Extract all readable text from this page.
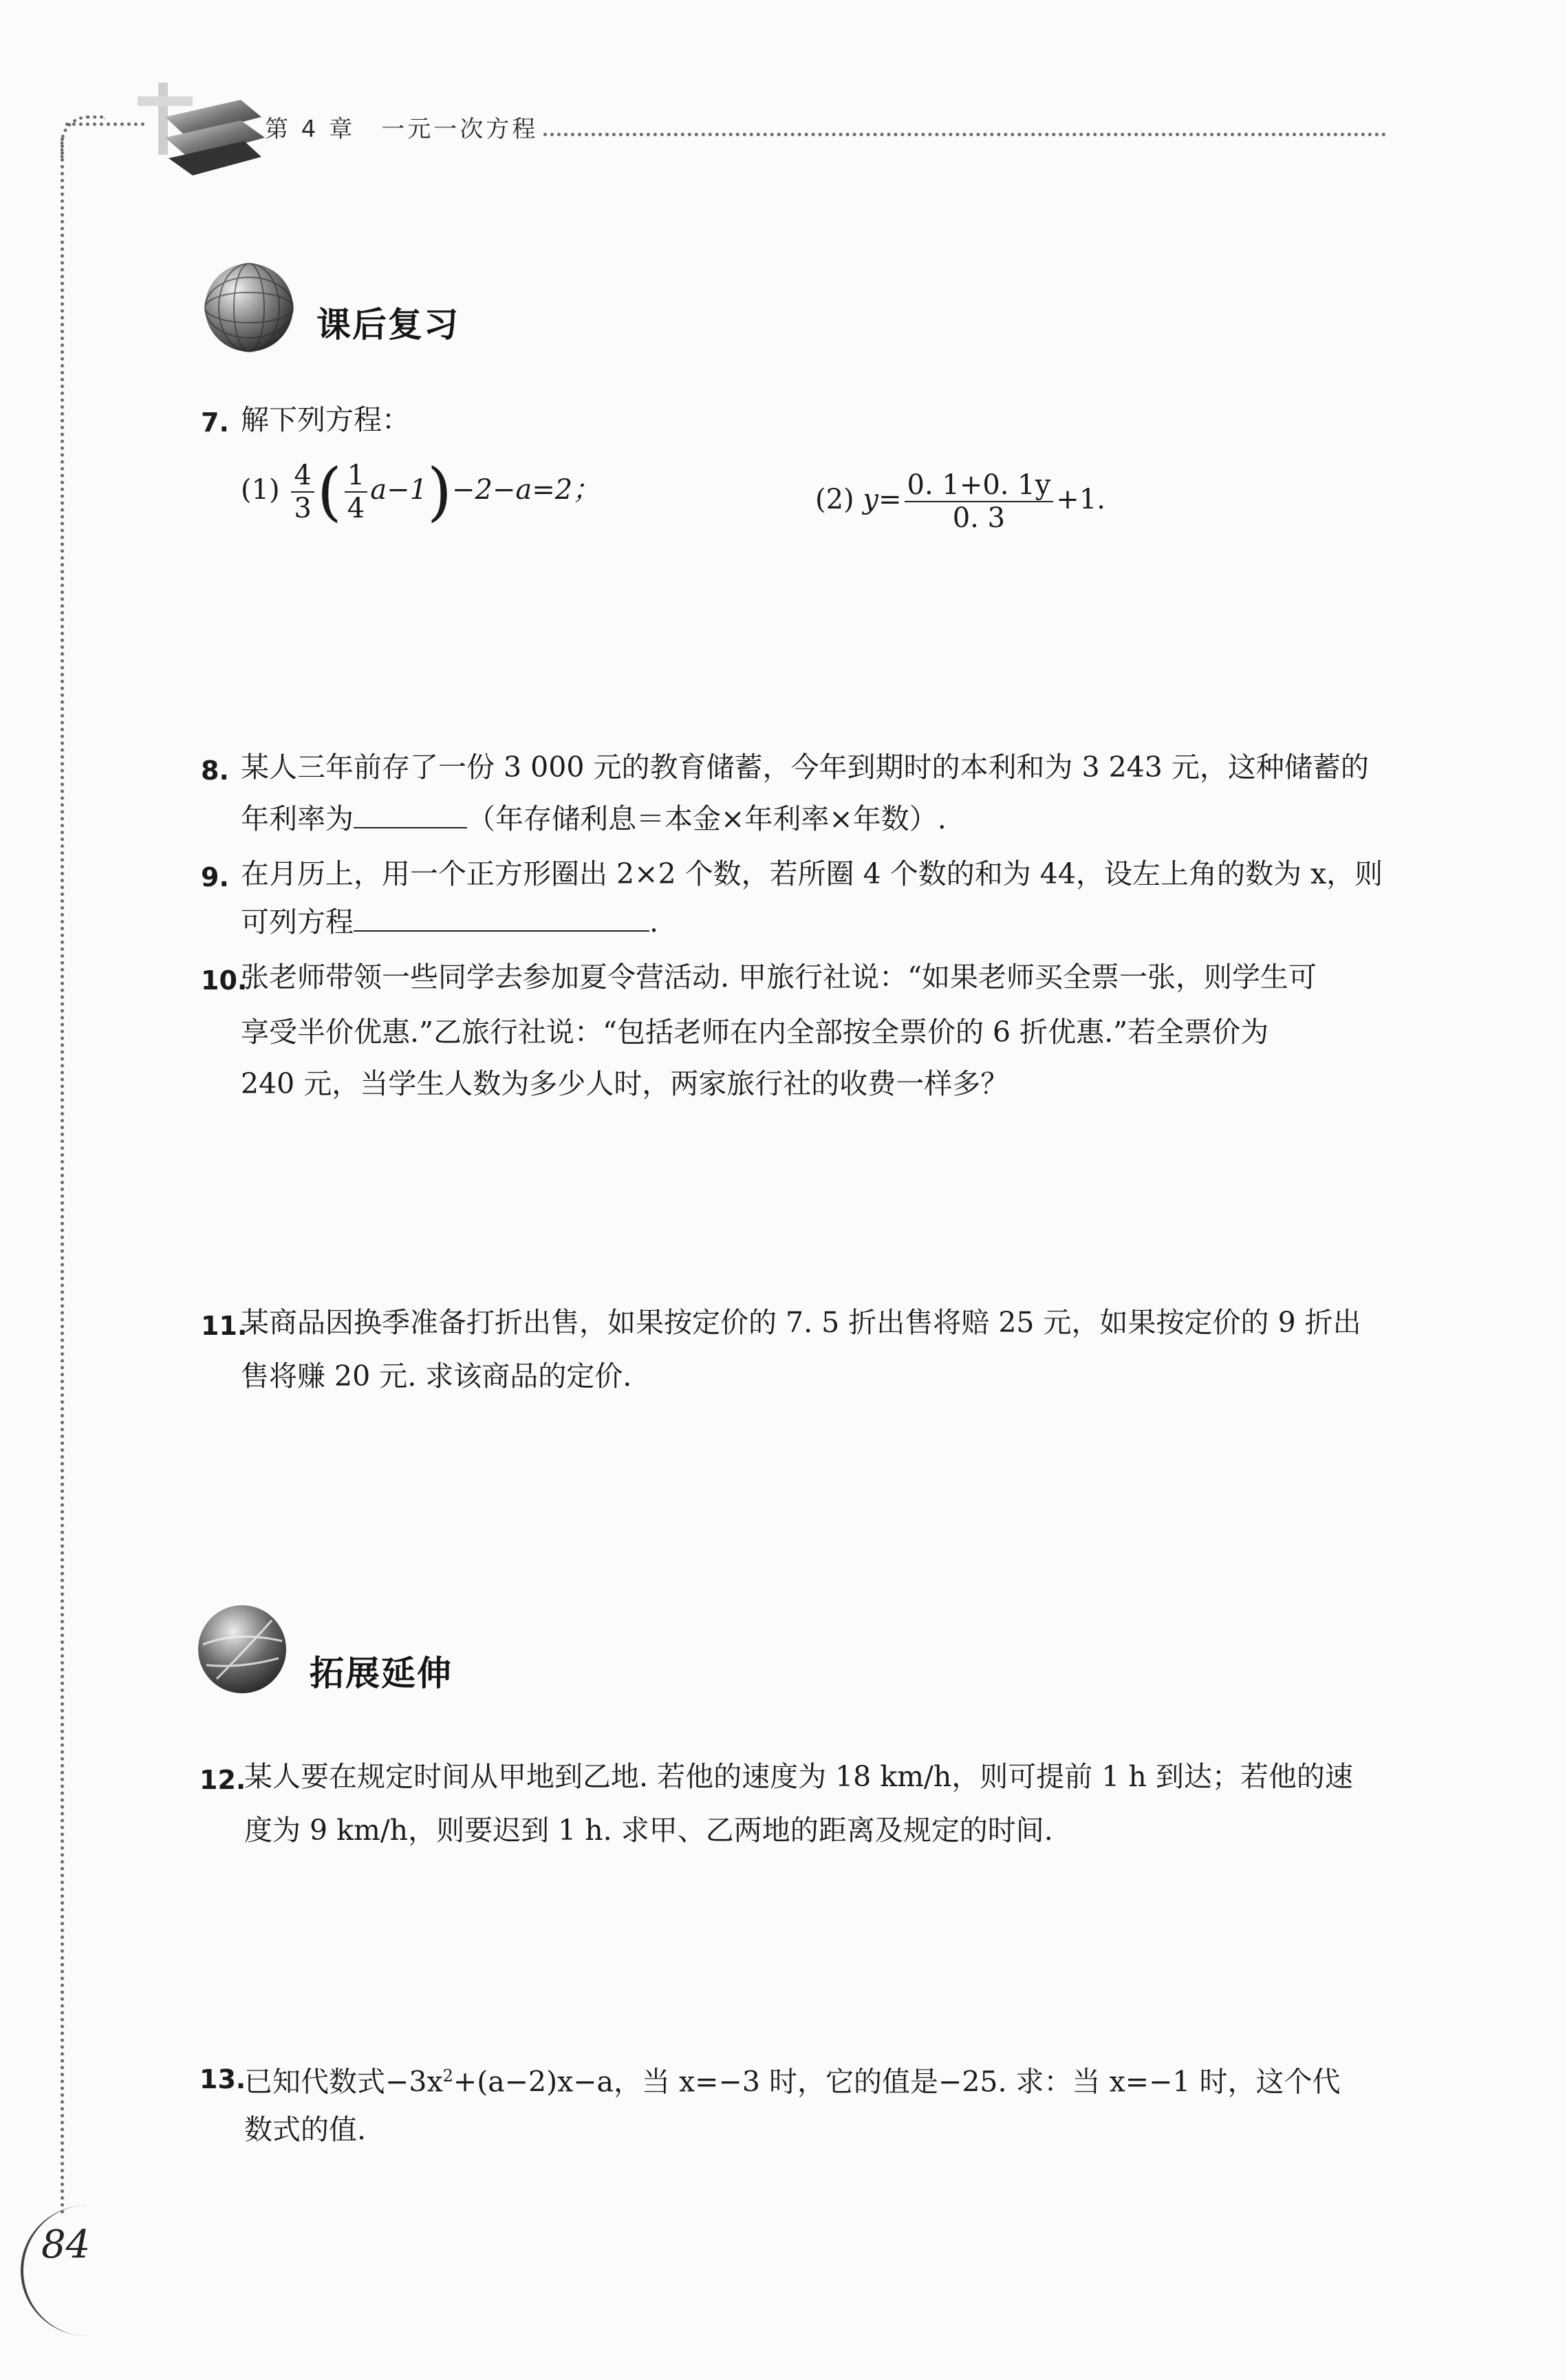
第 4 章　一元一次方程
课后复习
7. 解下列方程：
$(1) \frac{4}{3}$ ( $\frac{1}{4} a-1)-2-a=2$；	(2) $y= \frac{0. 1+0. 1y}{0. 3} +1$.
8. 某人三年前存了一份 3 000 元的教育储蓄，今年到期时的本利和为 3 243 元，这种储蓄的
年利率为	（年存储利息＝本金×年利率×年数）.
9. 在月历上，用一个正方形圈出 2×2 个数，若所圈 4 个数的和为 44，设左上角的数为 x，则
可列方程	.
10.
张老师带领一些同学去参加夏令营活动. 甲旅行社说：“如果老师买全票一张，则学生可
享受半价优惠.”乙旅行社说：“包括老师在内全部按全票价的 6 折优惠.”若全票价为
240 元，当学生人数为多少人时，两家旅行社的收费一样多？
11.
某商品因换季准备打折出售，如果按定价的 7. 5 折出售将赔 25 元，如果按定价的 9 折出
售将赚 20 元. 求该商品的定价.
拓展延伸
12.
某人要在规定时间从甲地到乙地. 若他的速度为 18 km/h，则可提前 1 h 到达；若他的速
度为 9 km/h，则要迟到 1 h. 求甲、乙两地的距离及规定的时间.
13.
已知代数式$-3x^2+(a-2)x-a$，当 x=−3 时，它的值是−25. 求：当 x=−1 时，这个代
数式的值.
84
